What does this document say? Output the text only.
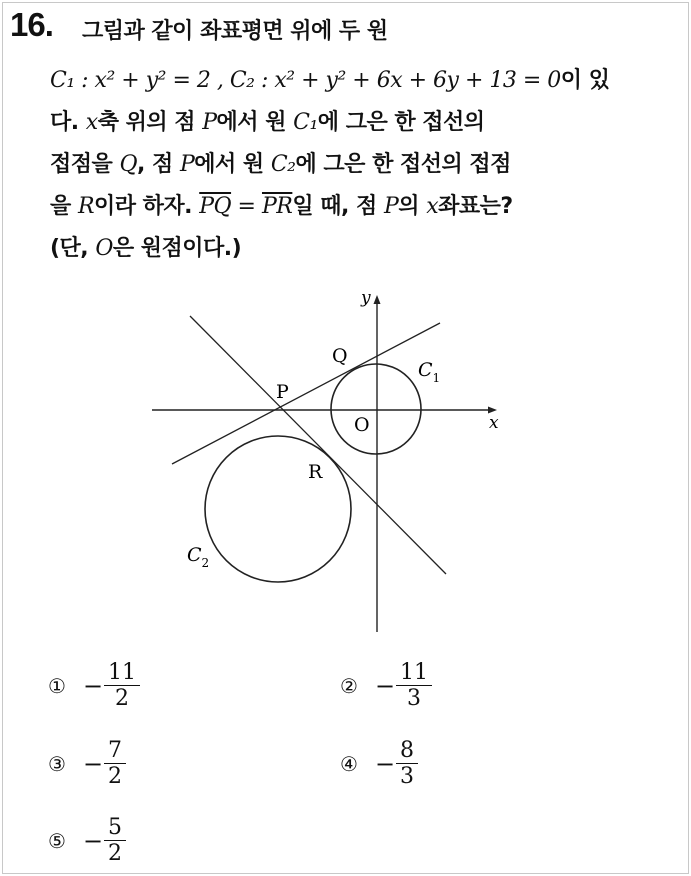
16. 그림과 같이 좌표평면 위에 두 원
C₁ : x² + y² = 2 , C₂ : x² + y² + 6x + 6y + 13 = 0이 있
다. x축 위의 점 P에서 원 C₁에 그은 한 접선의
접점을 Q, 점 P에서 원 C₂에 그은 한 접선의 접점
을 R이라 하자. $\overline{PQ} = \overline{PR}$일 때, 점 P의 x좌표는?
(단, O은 원점이다.)
y
x
Q
P
O
R
$C_1$
$C_2$
① − $\frac{11}{2}$	② − $\frac{11}{3}$
③ − $\frac{7}{2}$	④ − $\frac{8}{3}$
⑤ − $\frac{5}{2}$
